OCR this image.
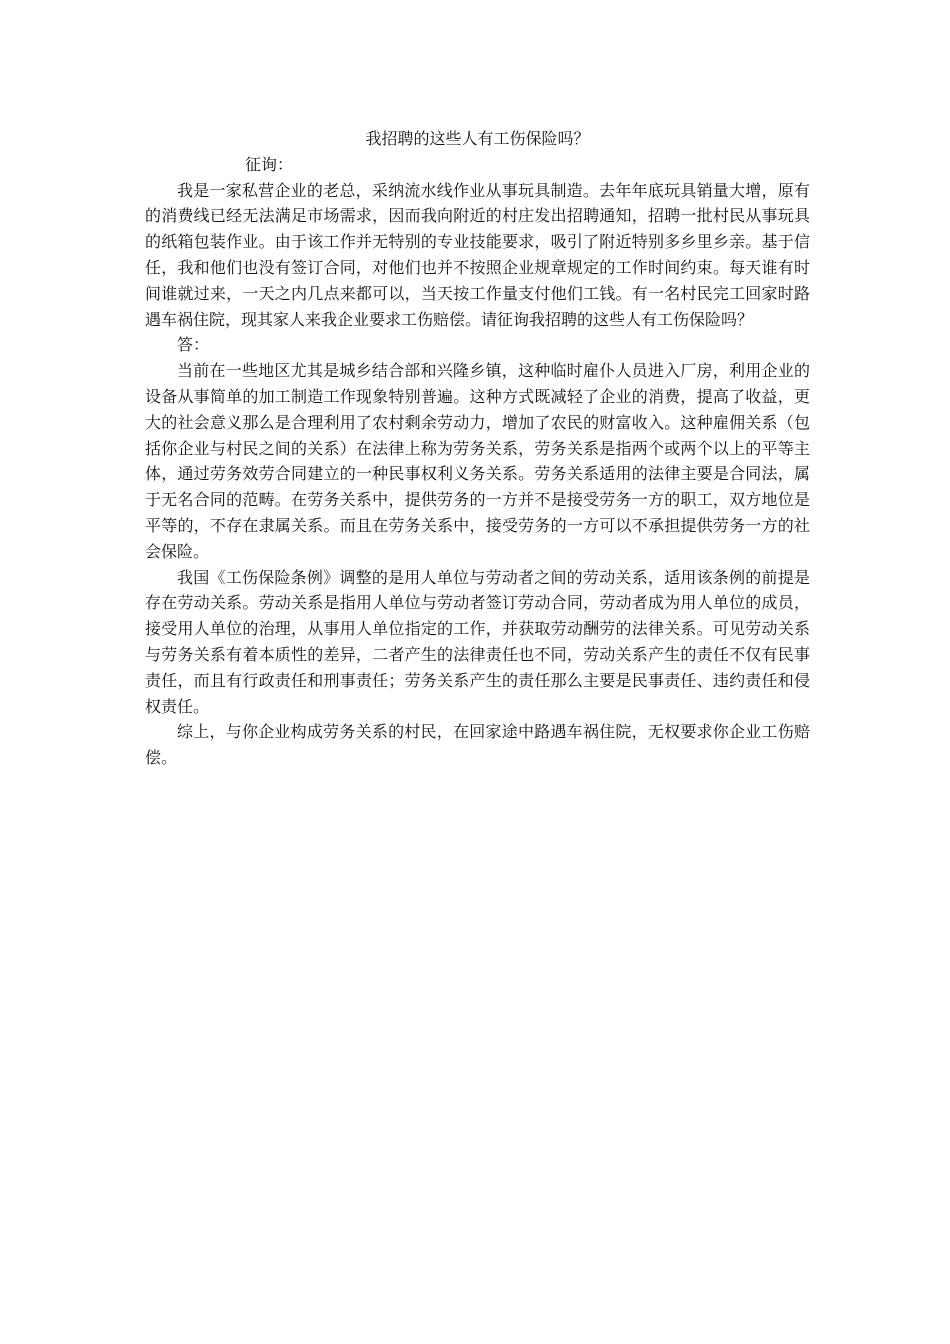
我招聘的这些人有工伤保险吗？

征询：

我是一家私营企业的老总，采纳流水线作业从事玩具制造。去年年底玩具销量大增，原有的消费线已经无法满足市场需求，因而我向附近的村庄发出招聘通知，招聘一批村民从事玩具的纸箱包装作业。由于该工作并无特别的专业技能要求，吸引了附近特别多乡里乡亲。基于信任，我和他们也没有签订合同，对他们也并不按照企业规章规定的工作时间约束。每天谁有时间谁就过来，一天之内几点来都可以，当天按工作量支付他们工钱。有一名村民完工回家时路遇车祸住院，现其家人来我企业要求工伤赔偿。请征询我招聘的这些人有工伤保险吗？

答：

当前在一些地区尤其是城乡结合部和兴隆乡镇，这种临时雇仆人员进入厂房，利用企业的设备从事简单的加工制造工作现象特别普遍。这种方式既减轻了企业的消费，提高了收益，更大的社会意义那么是合理利用了农村剩余劳动力，增加了农民的财富收入。这种雇佣关系（包括你企业与村民之间的关系）在法律上称为劳务关系，劳务关系是指两个或两个以上的平等主体，通过劳务效劳合同建立的一种民事权利义务关系。劳务关系适用的法律主要是合同法，属于无名合同的范畴。在劳务关系中，提供劳务的一方并不是接受劳务一方的职工，双方地位是平等的，不存在隶属关系。而且在劳务关系中，接受劳务的一方可以不承担提供劳务一方的社会保险。

我国《工伤保险条例》调整的是用人单位与劳动者之间的劳动关系，适用该条例的前提是存在劳动关系。劳动关系是指用人单位与劳动者签订劳动合同，劳动者成为用人单位的成员，接受用人单位的治理，从事用人单位指定的工作，并获取劳动酬劳的法律关系。可见劳动关系与劳务关系有着本质性的差异，二者产生的法律责任也不同，劳动关系产生的责任不仅有民事责任，而且有行政责任和刑事责任；劳务关系产生的责任那么主要是民事责任、违约责任和侵权责任。

综上，与你企业构成劳务关系的村民，在回家途中路遇车祸住院，无权要求你企业工伤赔偿。
